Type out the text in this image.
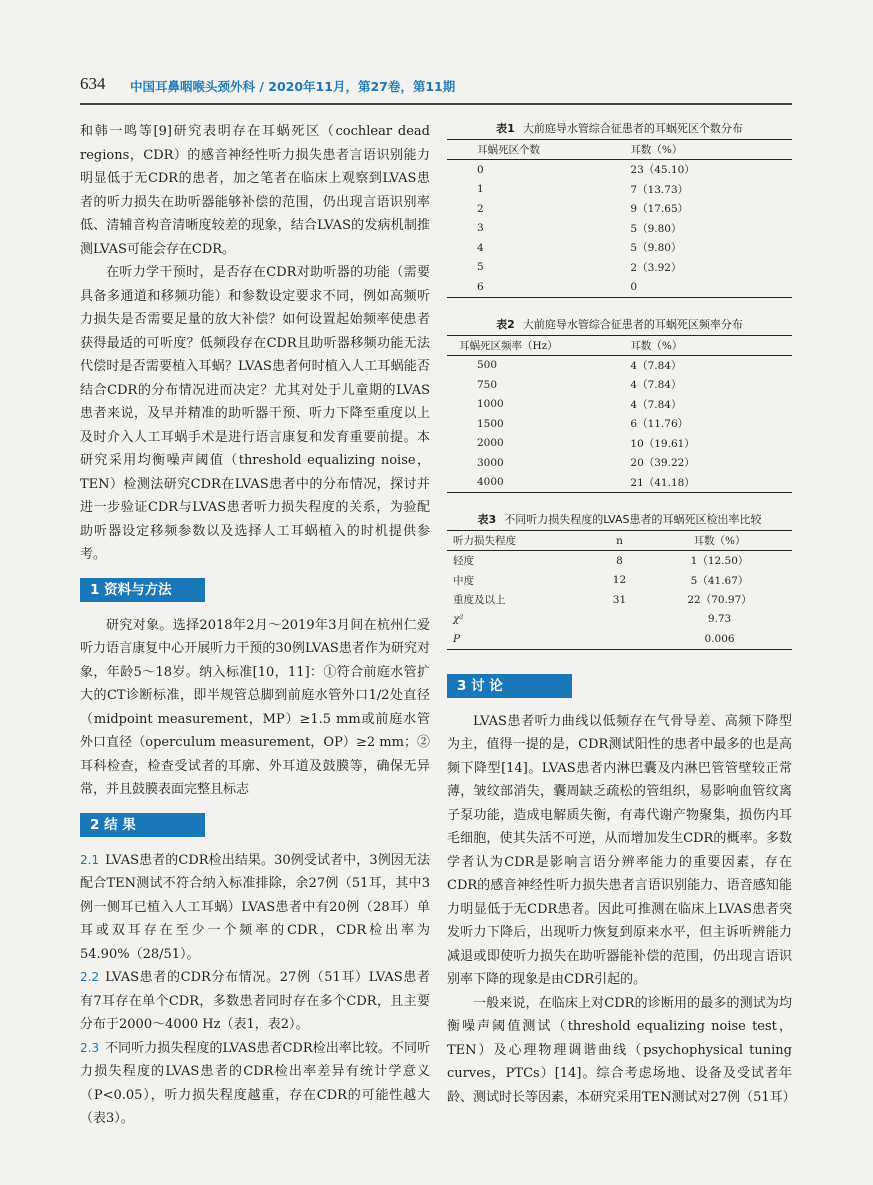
634 中国耳鼻咽喉头颈外科 / 2020年11月，第27卷，第11期

和韩一鸣等[9]研究表明存在耳蜗死区（cochlear dead regions，CDR）的感音神经性听力损失患者言语识别能力明显低于无CDR的患者，加之笔者在临床上观察到LVAS患者的听力损失在助听器能够补偿的范围，仍出现言语识别率低、清辅音构音清晰度较差的现象，结合LVAS的发病机制推测LVAS可能会存在CDR。

在听力学干预时，是否存在CDR对助听器的功能（需要具备多通道和移频功能）和参数设定要求不同，例如高频听力损失是否需要足量的放大补偿？如何设置起始频率使患者获得最适的可听度？低频段存在CDR且助听器移频功能无法代偿时是否需要植入耳蜗？LVAS患者何时植入人工耳蜗能否结合CDR的分布情况进而决定？尤其对处于儿童期的LVAS患者来说，及早并精准的助听器干预、听力下降至重度以上及时介入人工耳蜗手术是进行语言康复和发育重要前提。本研究采用均衡噪声阈值（threshold equalizing noise，TEN）检测法研究CDR在LVAS患者中的分布情况，探讨并进一步验证CDR与LVAS患者听力损失程度的关系，为验配助听器设定移频参数以及选择人工耳蜗植入的时机提供参考。

1 资料与方法

研究对象。选择2018年2月～2019年3月间在杭州仁爱听力语言康复中心开展听力干预的30例LVAS患者作为研究对象，年龄5～18岁。纳入标准[10，11]：①符合前庭水管扩大的CT诊断标准，即半规管总脚到前庭水管外口1/2处直径（midpoint measurement，MP）≥1.5 mm或前庭水管外口直径（operculum measurement，OP）≥2 mm；②耳科检查，检查受试者的耳廓、外耳道及鼓膜等，确保无异常，并且鼓膜表面完整且标志

2 结 果

2.1 LVAS患者的CDR检出结果。30例受试者中，3例因无法配合TEN测试不符合纳入标准排除，余27例（51耳，其中3例一侧耳已植入人工耳蜗）LVAS患者中有20例（28耳）单耳或双耳存在至少一个频率的CDR，CDR检出率为54.90%（28/51）。

2.2 LVAS患者的CDR分布情况。27例（51耳）LVAS患者有7耳存在单个CDR，多数患者同时存在多个CDR，且主要分布于2000～4000 Hz（表1，表2）。

2.3 不同听力损失程度的LVAS患者CDR检出率比较。不同听力损失程度的LVAS患者的CDR检出率差异有统计学意义（P<0.05），听力损失程度越重，存在CDR的可能性越大（表3）。

表1 大前庭导水管综合征患者的耳蜗死区个数分布

耳蜗死区个数	耳数（%）
0	23（45.10）
1	7（13.73）
2	9（17.65）
3	5（9.80）
4	5（9.80）
5	2（3.92）
6	0

表2 大前庭导水管综合征患者的耳蜗死区频率分布

耳蜗死区频率（Hz）	耳数（%）
500	4（7.84）
750	4（7.84）
1000	4（7.84）
1500	6（11.76）
2000	10（19.61）
3000	20（39.22）
4000	21（41.18）

表3 不同听力损失程度的LVAS患者的耳蜗死区检出率比较

听力损失程度	n	耳数（%）
轻度	8	1（12.50）
中度	12	5（41.67）
重度及以上	31	22（70.97）
χ²		9.73
P		0.006
3 讨 论

LVAS患者听力曲线以低频存在气骨导差、高频下降型为主，值得一提的是，CDR测试阳性的患者中最多的也是高频下降型[14]。LVAS患者内淋巴囊及内淋巴管管壁较正常薄，皱纹部消失，囊周缺乏疏松的管组织，易影响血管纹离子泵功能，造成电解质失衡，有毒代谢产物聚集，损伤内耳毛细胞，使其失活不可逆，从而增加发生CDR的概率。多数学者认为CDR是影响言语分辨率能力的重要因素，存在CDR的感音神经性听力损失患者言语识别能力、语音感知能力明显低于无CDR患者。因此可推测在临床上LVAS患者突发听力下降后，出现听力恢复到原来水平，但主诉听辨能力减退或即使听力损失在助听器能补偿的范围，仍出现言语识别率下降的现象是由CDR引起的。

一般来说，在临床上对CDR的诊断用的最多的测试为均衡噪声阈值测试（threshold equalizing noise test，TEN）及心理物理调谐曲线（psychophysical tuning curves，PTCs）[14]。综合考虑场地、设备及受试者年龄、测试时长等因素，本研究采用TEN测试对27例（51耳）
